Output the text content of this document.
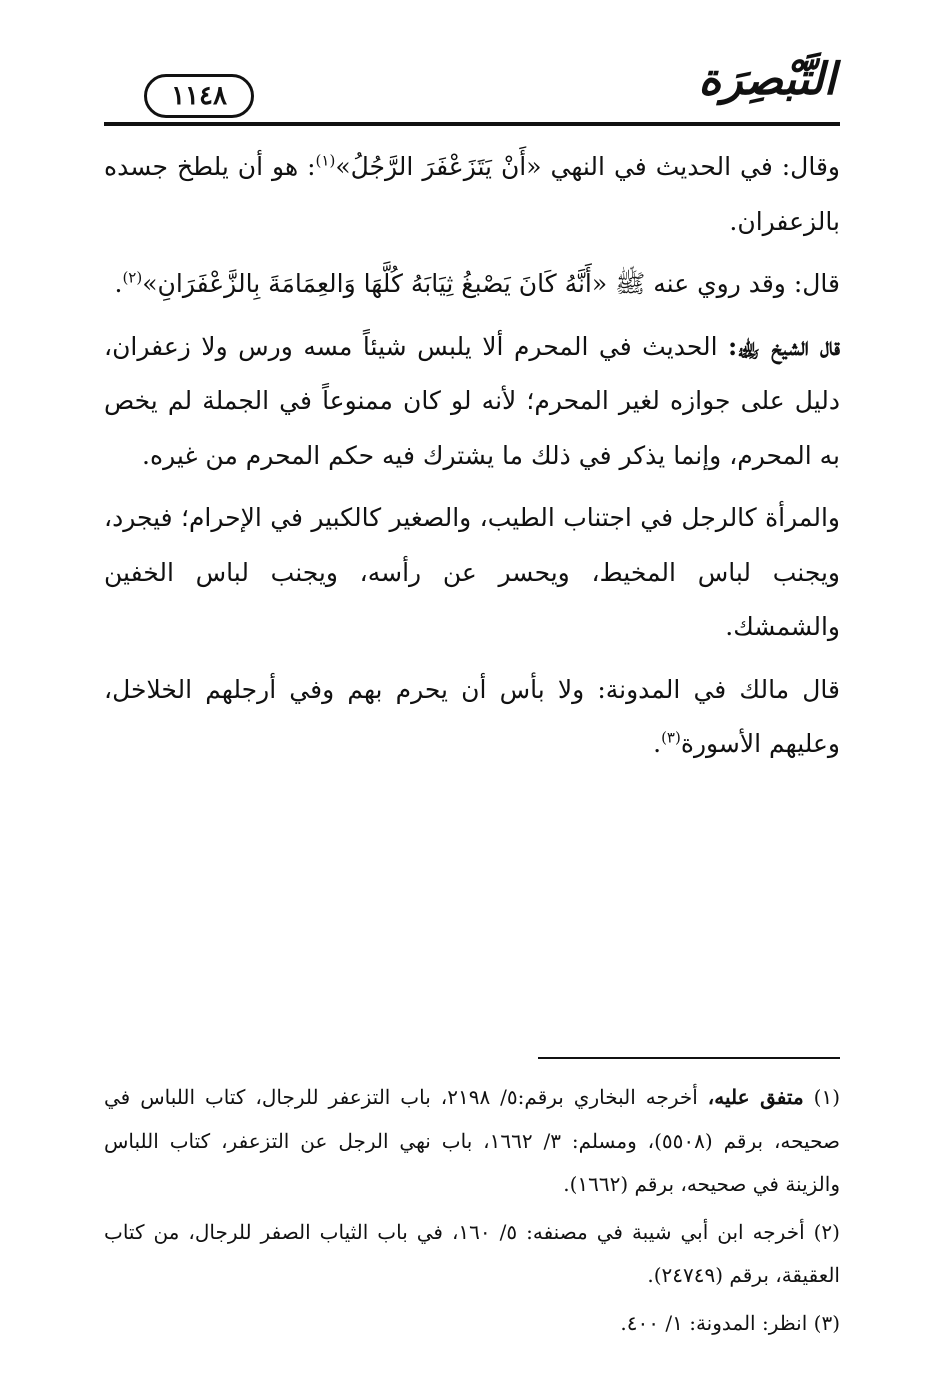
١١٤٨	التَّبْصِرَة

وقال: في الحديث في النهي «أَنْ يَتَزَعْفَرَ الرَّجُلُ»$^{(١)}$: هو أن يلطخ جسده بالزعفران.

قال: وقد روي عنه ﷺ «أَنَّهُ كَانَ يَصْبغُ ثِيَابَهُ كُلَّهَا وَالعِمَامَةَ بِالزَّعْفَرَانِ»$^{(٢)}$.

قال الشيخ ﵀: الحديث في المحرم ألا يلبس شيئاً مسه ورس ولا زعفران، دليل على جوازه لغير المحرم؛ لأنه لو كان ممنوعاً في الجملة لم يخص به المحرم، وإنما يذكر في ذلك ما يشترك فيه حكم المحرم من غيره.

والمرأة كالرجل في اجتناب الطيب، والصغير كالكبير في الإحرام؛ فيجرد، ويجنب لباس المخيط، ويحسر عن رأسه، ويجنب لباس الخفين والشمشك.

قال مالك في المدونة: ولا بأس أن يحرم بهم وفي أرجلهم الخلاخل، وعليهم الأسورة$^{(٣)}$.

(١) متفق عليه، أخرجه البخاري برقم:٥/ ٢١٩٨، باب التزعفر للرجال، كتاب اللباس في صحيحه، برقم (٥٥٠٨)، ومسلم: ٣/ ١٦٦٢، باب نهي الرجل عن التزعفر، كتاب اللباس والزينة في صحيحه، برقم (١٦٦٢).

(٢) أخرجه ابن أبي شيبة في مصنفه: ٥/ ١٦٠، في باب الثياب الصفر للرجال، من كتاب العقيقة، برقم (٢٤٧٤٩).

(٣) انظر: المدونة: ١/ ٤٠٠.
